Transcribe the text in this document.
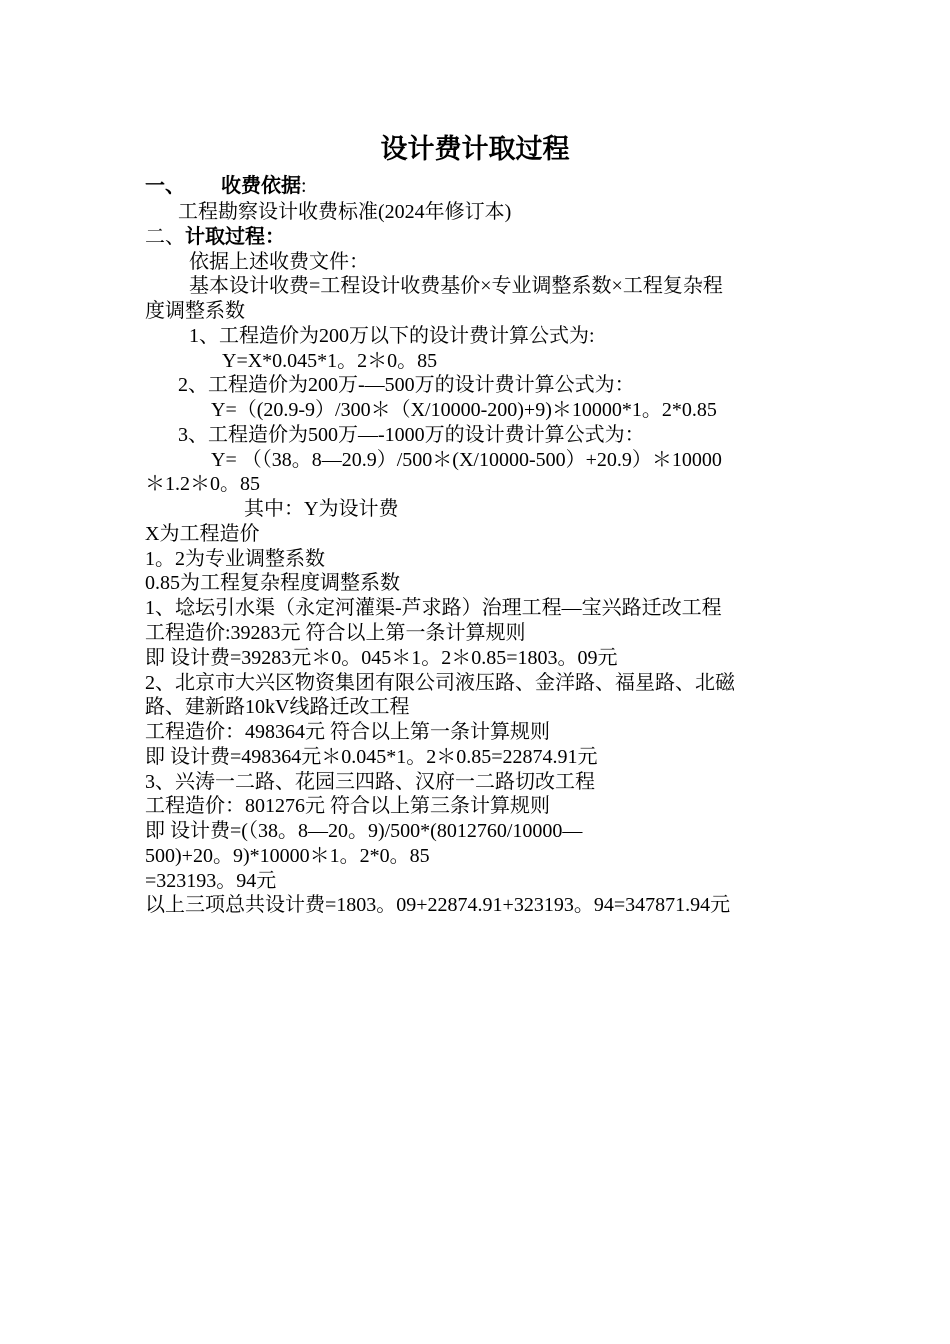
设计费计取过程
一、 收费依据:
工程勘察设计收费标准(2024年修订本)
二、计取过程：
依据上述收费文件：
基本设计收费=工程设计收费基价×专业调整系数×工程复杂程
度调整系数
1、工程造价为200万以下的设计费计算公式为:
Y=X*0.045*1。2＊0。85
2、工程造价为200万-—500万的设计费计算公式为：
Y=（(20.9-9）/300＊（X/10000-200)+9)＊10000*1。2*0.85
3、工程造价为500万—-1000万的设计费计算公式为：
Y= （（38。8—20.9）/500＊(X/10000-500）+20.9）＊10000
＊1.2＊0。85
其中：Y为设计费
X为工程造价
1。2为专业调整系数
0.85为工程复杂程度调整系数
1、埝坛引水渠（永定河灌渠-芦求路）治理工程—宝兴路迁改工程
工程造价:39283元 符合以上第一条计算规则
即 设计费=39283元＊0。045＊1。2＊0.85=1803。09元
2、北京市大兴区物资集团有限公司液压路、金洋路、福星路、北磁
路、建新路10kV线路迁改工程
工程造价：498364元 符合以上第一条计算规则
即 设计费=498364元＊0.045*1。2＊0.85=22874.91元
3、兴涛一二路、花园三四路、汉府一二路切改工程
工程造价：801276元 符合以上第三条计算规则
即 设计费=(（38。8—20。9)/500*(8012760/10000—
500)+20。9)*10000＊1。2*0。85
=323193。94元
以上三项总共设计费=1803。09+22874.91+323193。94=347871.94元
